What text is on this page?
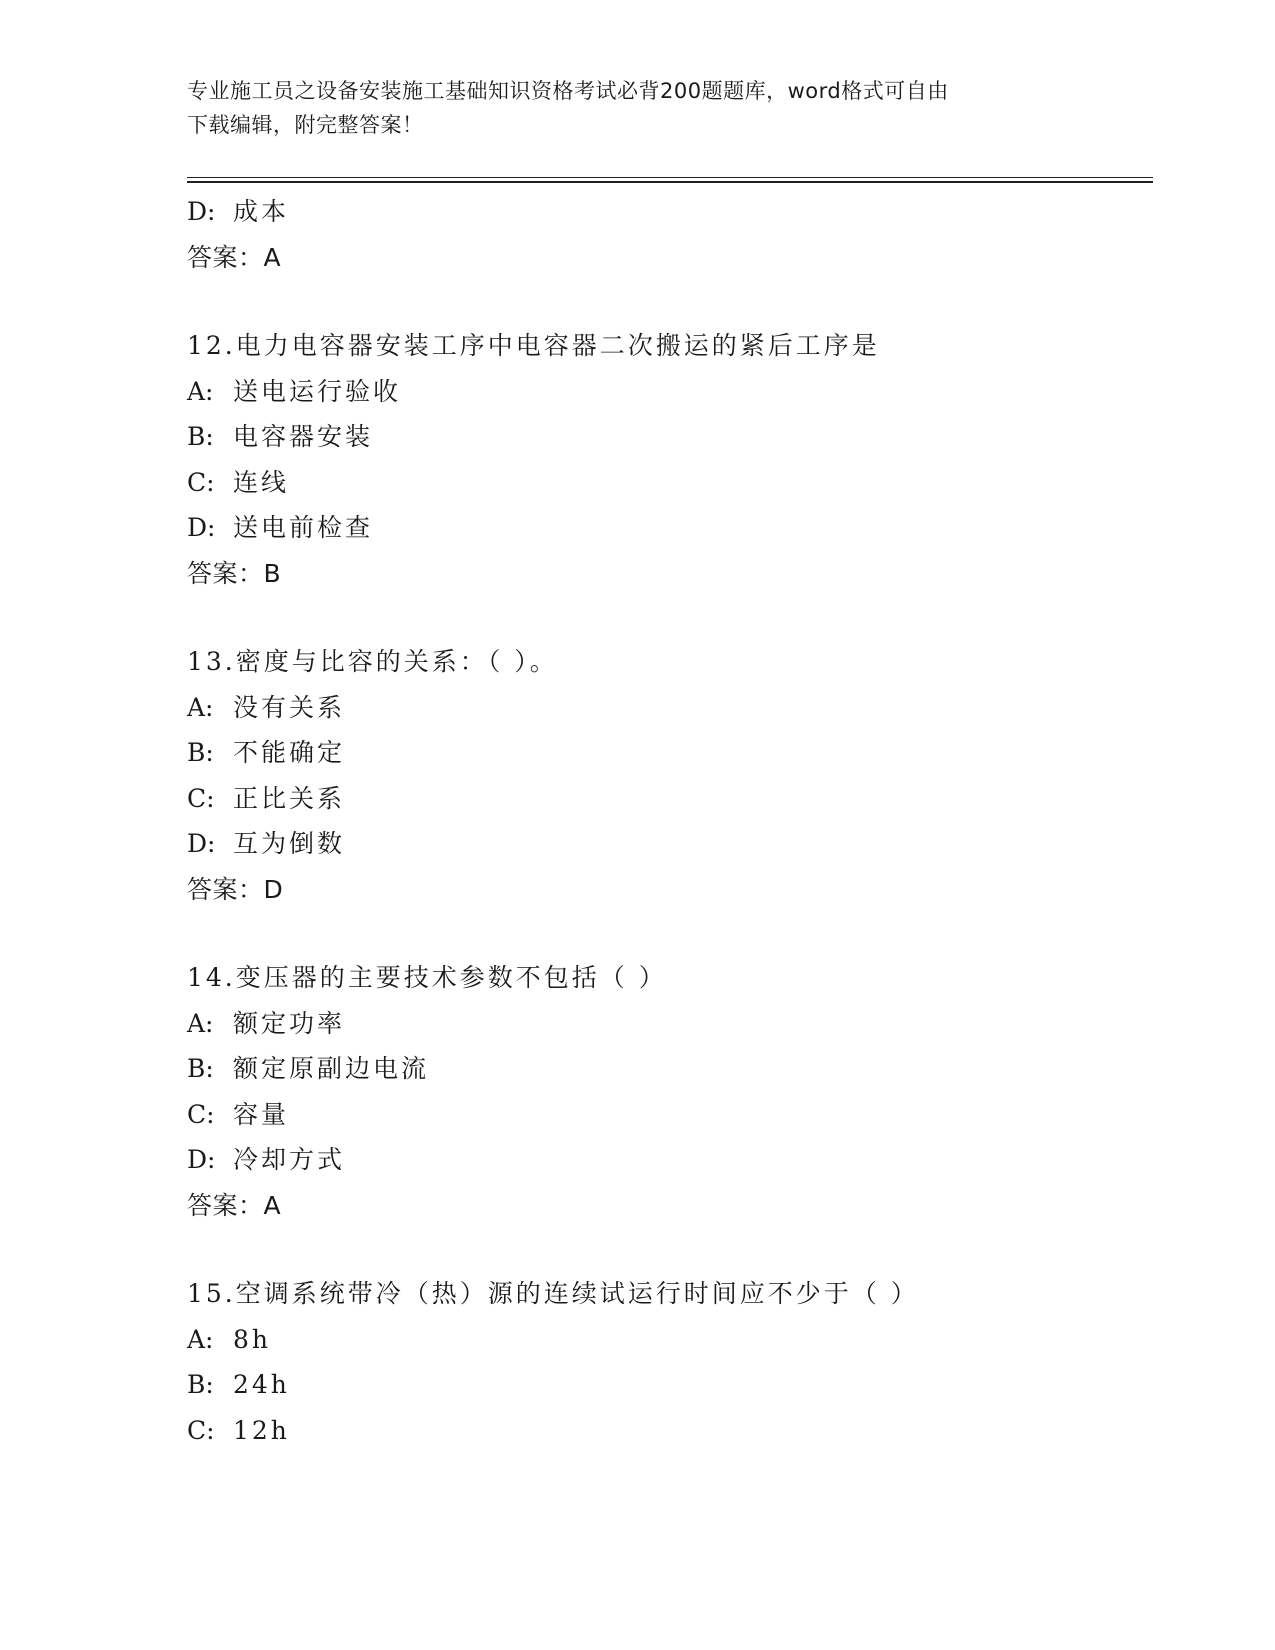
专业施工员之设备安装施工基础知识资格考试必背200题题库，word格式可自由
下载编辑，附完整答案！
D: 成本
答案：A
12.电力电容器安装工序中电容器二次搬运的紧后工序是
A: 送电运行验收
B: 电容器安装
C: 连线
D: 送电前检查
答案：B
13.密度与比容的关系：（ ）。
A: 没有关系
B: 不能确定
C: 正比关系
D: 互为倒数
答案：D
14.变压器的主要技术参数不包括（ ）
A: 额定功率
B: 额定原副边电流
C: 容量
D: 冷却方式
答案：A
15.空调系统带冷（热）源的连续试运行时间应不少于（ ）
A: 8h
B: 24h
C: 12h
